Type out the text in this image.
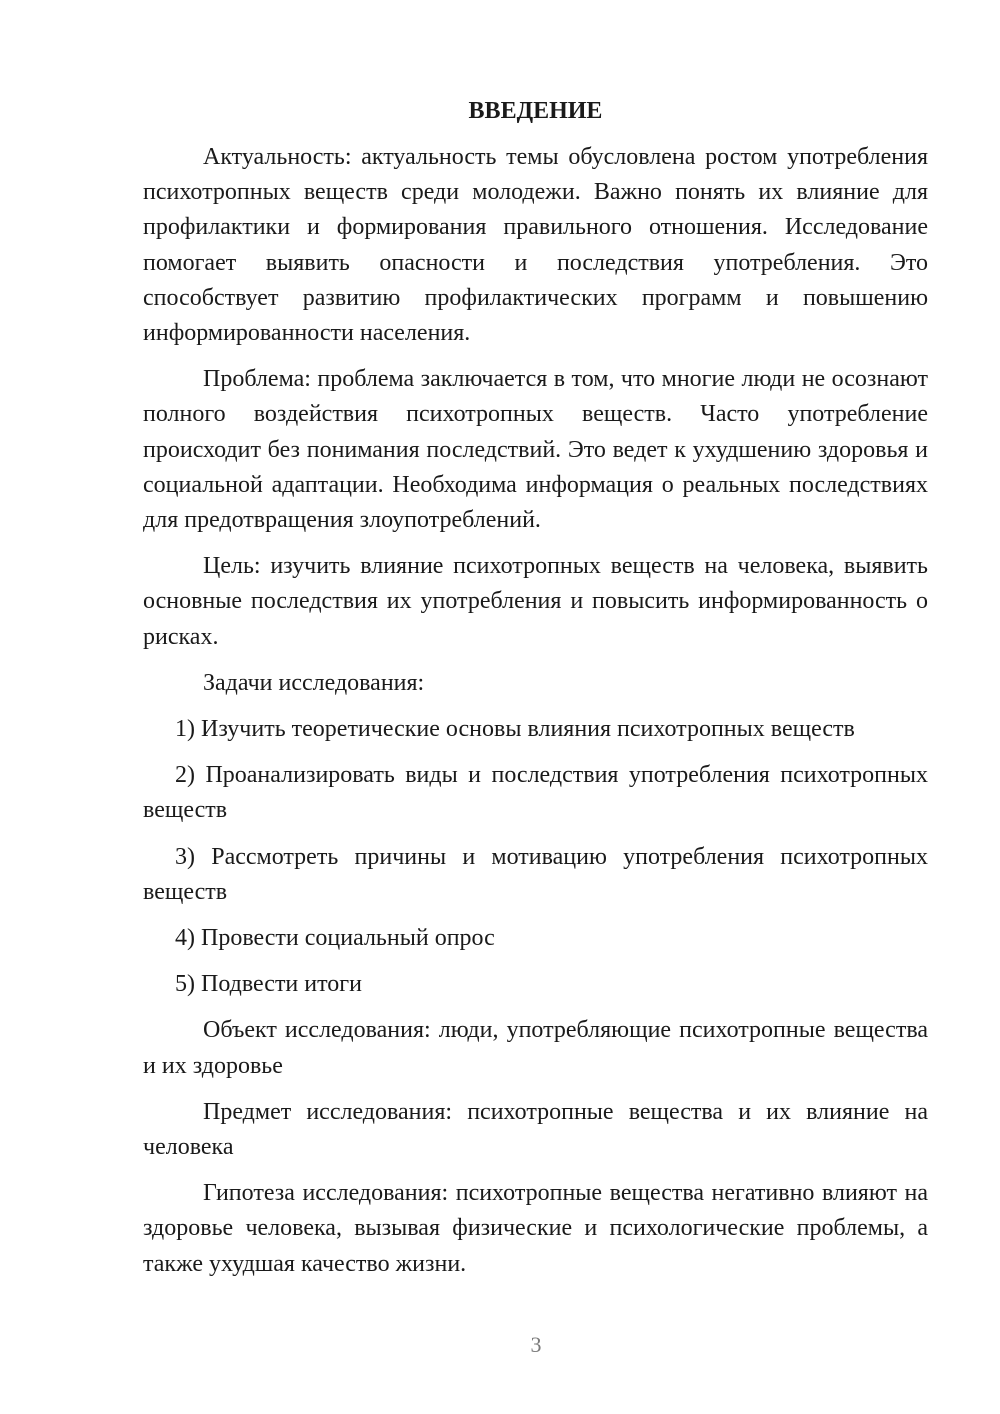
ВВЕДЕНИЕ

Актуальность: актуальность темы обусловлена ростом употребления психотропных веществ среди молодежи. Важно понять их влияние для профилактики и формирования правильного отношения. Исследование помогает выявить опасности и последствия употребления. Это способствует развитию профилактических программ и повышению информированности населения.

Проблема: проблема заключается в том, что многие люди не осознают полного воздействия психотропных веществ. Часто употребление происходит без понимания последствий. Это ведет к ухудшению здоровья и социальной адаптации. Необходима информация о реальных последствиях для предотвращения злоупотреблений.

Цель: изучить влияние психотропных веществ на человека, выявить основные последствия их употребления и повысить информированность о рисках.

Задачи исследования:

1) Изучить теоретические основы влияния психотропных веществ

2) Проанализировать виды и последствия употребления психотропных веществ

3) Рассмотреть причины и мотивацию употребления психотропных веществ

4) Провести социальный опрос

5) Подвести итоги

Объект исследования: люди, употребляющие психотропные вещества и их здоровье

Предмет исследования: психотропные вещества и их влияние на человека

Гипотеза исследования: психотропные вещества негативно влияют на здоровье человека, вызывая физические и психологические проблемы, а также ухудшая качество жизни.

3
